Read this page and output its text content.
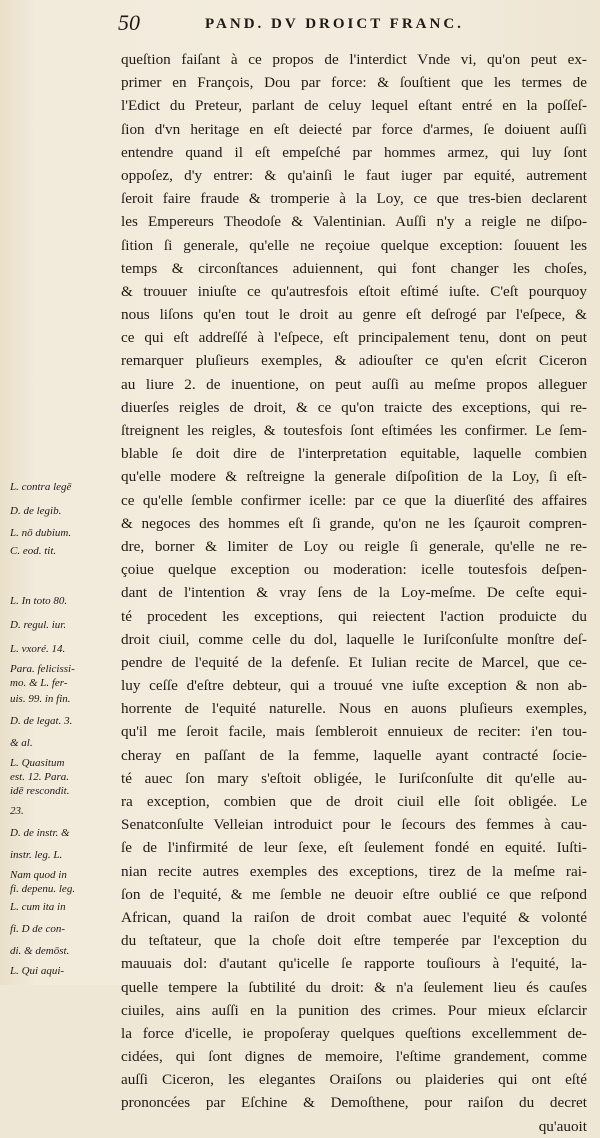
50	PAND. DV DROICT FRANC.
L. contra legē
D. de legib.
L. nō dubium.
C. eod. tit.
L. In toto 80.
D. regul. iur.
L. vxoré. 14.
Para. felicissi-
mo. & L. fer-
uis. 99. in fin.
D. de legat. 3.
& al.
L. Quasitum
est. 12. Para.
idē rescondit.
23.
D. de instr. &
instr. leg. L.
Nam quod in
fi. depenu. leg.
L. cum ita in
fi. D de con-
di. & demōst.
L. Qui aqui-
queſtion faiſant à ce propos de l'interdict Vnde vi, qu'on peut ex-
primer en François, Dou par force: & ſouſtient que les termes de
l'Edict du Preteur, parlant de celuy lequel eſtant entré en la poſſeſ-
ſion d'vn heritage en eſt deiecté par force d'armes, ſe doiuent auſſi
entendre quand il eſt empeſché par hommes armez, qui luy ſont
oppoſez, d'y entrer: & qu'ainſi le faut iuger par equité, autrement
ſeroit faire fraude & tromperie à la Loy, ce que tres-bien declarent
les Empereurs Theodoſe & Valentinian. Auſſi n'y a reigle ne diſpo-
ſition ſi generale, qu'elle ne reçoiue quelque exception: ſouuent les
temps & circonſtances aduiennent, qui font changer les choſes,
& trouuer iniuſte ce qu'autresfois eſtoit eſtimé iuſte. C'eſt pourquoy
nous liſons qu'en tout le droit au genre eſt deſrogé par l'eſpece, &
ce qui eſt addreſſé à l'eſpece, eſt principalement tenu, dont on peut
remarquer pluſieurs exemples, & adiouſter ce qu'en eſcrit Ciceron
au liure 2. de inuentione, on peut auſſi au meſme propos alleguer
diuerſes reigles de droit, & ce qu'on traicte des exceptions, qui re-
ſtreignent les reigles, & toutesfois ſont eſtimées les confirmer. Le ſem-
blable ſe doit dire de l'interpretation equitable, laquelle combien
qu'elle modere & reſtreigne la generale diſpoſition de la Loy, ſi eſt-
ce qu'elle ſemble confirmer icelle: par ce que la diuerſité des affaires
& negoces des hommes eſt ſi grande, qu'on ne les ſçauroit compren-
dre, borner & limiter de Loy ou reigle ſi generale, qu'elle ne re-
çoiue quelque exception ou moderation: icelle toutesfois deſpen-
dant de l'intention & vray ſens de la Loy-meſme. De ceſte equi-
té procedent les exceptions, qui reiectent l'action produicte du
droit ciuil, comme celle du dol, laquelle le Iuriſconſulte monſtre deſ-
pendre de l'equité de la defenſe. Et Iulian recite de Marcel, que ce-
luy ceſſe d'eſtre debteur, qui a trouué vne iuſte exception & non ab-
horrente de l'equité naturelle. Nous en auons pluſieurs exemples,
qu'il me ſeroit facile, mais ſembleroit ennuieux de reciter: i'en tou-
cheray en paſſant de la femme, laquelle ayant contracté ſocie-
té auec ſon mary s'eſtoit obligée, le Iuriſconſulte dit qu'elle au-
ra exception, combien que de droit ciuil elle ſoit obligée. Le
Senatconſulte Velleian introduict pour le ſecours des femmes à cau-
ſe de l'infirmité de leur ſexe, eſt ſeulement fondé en equité. Iuſti-
nian recite autres exemples des exceptions, tirez de la meſme rai-
ſon de l'equité, & me ſemble ne deuoir eſtre oublié ce que reſpond
African, quand la raiſon de droit combat auec l'equité & volonté
du teſtateur, que la choſe doit eſtre temperée par l'exception du
mauuais dol: d'autant qu'icelle ſe rapporte touſiours à l'equité, la-
quelle tempere la ſubtilité du droit: & n'a ſeulement lieu és cauſes
ciuiles, ains auſſi en la punition des crimes. Pour mieux eſclarcir
la force d'icelle, ie propoſeray quelques queſtions excellemment de-
cidées, qui ſont dignes de memoire, l'eſtime grandement, comme
auſſi Ciceron, les elegantes Oraiſons ou plaideries qui ont eſté
prononcées par Eſchine & Demoſthene, pour raiſon du decret
qu'auoit
